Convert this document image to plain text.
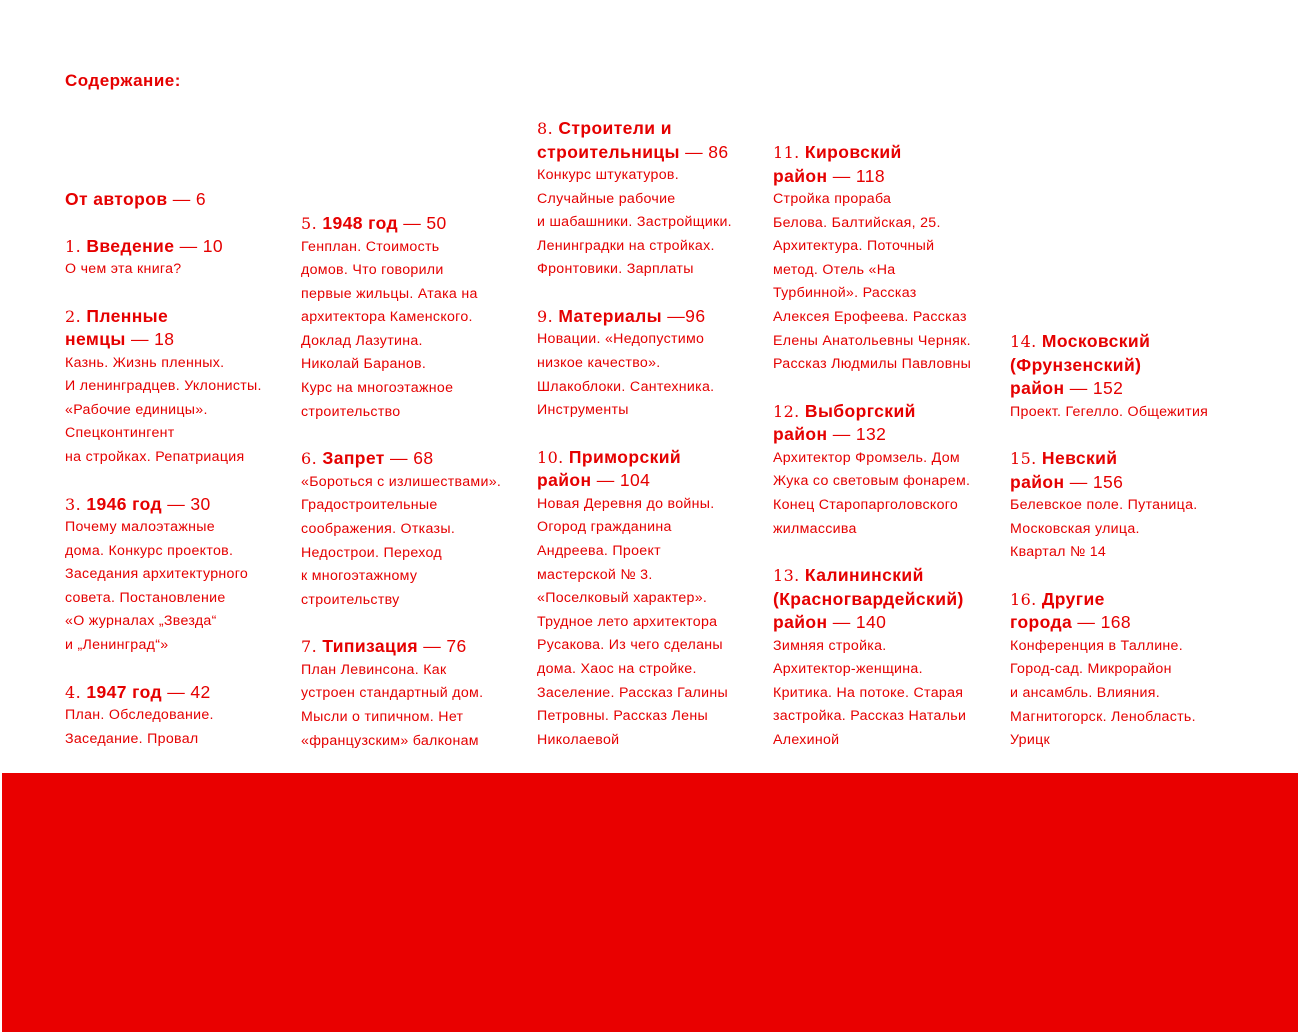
Содержание:

От авторов — 6

1. Введение — 10

О чем эта книга?

2. Пленные
немцы — 18

Казнь. Жизнь пленных.

И ленинградцев. Уклонисты.

«Рабочие единицы».

Спецконтингент

на стройках. Репатриация

3. 1946 год — 30

Почему малоэтажные

дома. Конкурс проектов.

Заседания архитектурного

совета. Постановление

«О журналах „Звезда“

и „Ленинград“»

4. 1947 год — 42

План. Обследование.

Заседание. Провал

5. 1948 год — 50

Генплан. Стоимость

домов. Что говорили

первые жильцы. Атака на

архитектора Каменского.

Доклад Лазутина.

Николай Баранов.

Курс на многоэтажное

строительство

6. Запрет — 68

«Бороться с излишествами».

Градостроительные

соображения. Отказы.

Недострои. Переход

к многоэтажному

строительству

7. Типизация — 76

План Левинсона. Как

устроен стандартный дом.

Мысли о типичном. Нет

«французским» балконам

8. Строители и
строительницы — 86

Конкурс штукатуров.

Случайные рабочие

и шабашники. Застройщики.

Ленинградки на стройках.

Фронтовики. Зарплаты

9. Материалы —96

Новации. «Недопустимо

низкое качество».

Шлакоблоки. Сантехника.

Инструменты

10. Приморский
район — 104

Новая Деревня до войны.

Огород гражданина

Андреева. Проект

мастерской № 3.

«Поселковый характер».

Трудное лето архитектора

Русакова. Из чего сделаны

дома. Хаос на стройке.

Заселение. Рассказ Галины

Петровны. Рассказ Лены

Николаевой

11. Кировский
район — 118

Стройка прораба

Белова. Балтийская, 25.

Архитектура. Поточный

метод. Отель «На

Турбинной». Рассказ

Алексея Ерофеева. Рассказ

Елены Анатольевны Черняк.

Рассказ Людмилы Павловны

12. Выборгский
район — 132

Архитектор Фромзель. Дом

Жука со световым фонарем.

Конец Старопарголовского

жилмассива

13. Калининский
(Красногвардейский)
район — 140

Зимняя стройка.

Архитектор-женщина.

Критика. На потоке. Старая

застройка. Рассказ Натальи

Алехиной

14. Московский
(Фрунзенский)
район — 152

Проект. Гегелло. Общежития

15. Невский
район — 156

Белевское поле. Путаница.

Московская улица.

Квартал № 14

16. Другие
города — 168

Конференция в Таллине.

Город-сад. Микрорайон

и ансамбль. Влияния.

Магнитогорск. Ленобласть.

Урицк
